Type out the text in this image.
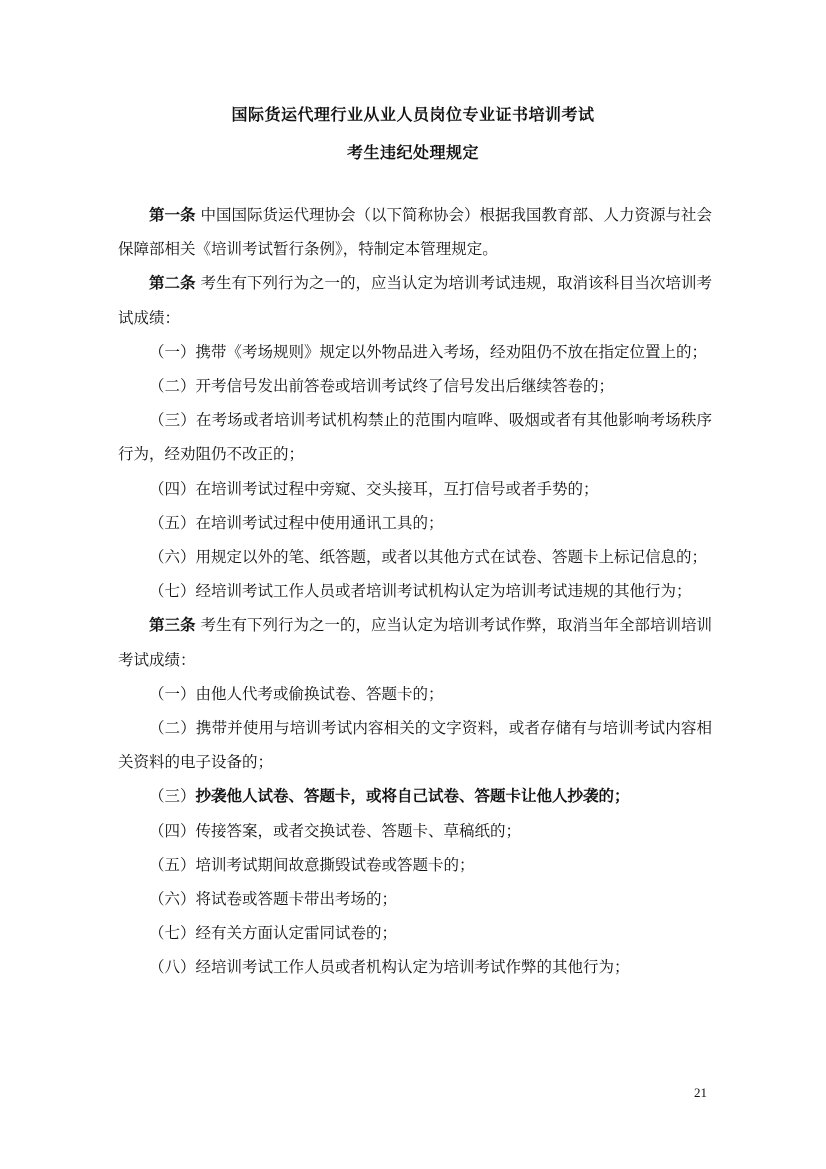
国际货运代理行业从业人员岗位专业证书培训考试
考生违纪处理规定

第一条 中国国际货运代理协会（以下简称协会）根据我国教育部、人力资源与社会保障部相关《培训考试暂行条例》，特制定本管理规定。

第二条 考生有下列行为之一的，应当认定为培训考试违规，取消该科目当次培训考试成绩：

（一）携带《考场规则》规定以外物品进入考场，经劝阻仍不放在指定位置上的；

（二）开考信号发出前答卷或培训考试终了信号发出后继续答卷的；

（三）在考场或者培训考试机构禁止的范围内喧哗、吸烟或者有其他影响考场秩序行为，经劝阻仍不改正的；

（四）在培训考试过程中旁窥、交头接耳，互打信号或者手势的；

（五）在培训考试过程中使用通讯工具的；

（六）用规定以外的笔、纸答题，或者以其他方式在试卷、答题卡上标记信息的；

（七）经培训考试工作人员或者培训考试机构认定为培训考试违规的其他行为；

第三条 考生有下列行为之一的，应当认定为培训考试作弊，取消当年全部培训培训考试成绩：

（一）由他人代考或偷换试卷、答题卡的；

（二）携带并使用与培训考试内容相关的文字资料，或者存储有与培训考试内容相关资料的电子设备的；

（三）抄袭他人试卷、答题卡，或将自己试卷、答题卡让他人抄袭的；

（四）传接答案，或者交换试卷、答题卡、草稿纸的；

（五）培训考试期间故意撕毁试卷或答题卡的；

（六）将试卷或答题卡带出考场的；

（七）经有关方面认定雷同试卷的；

（八）经培训考试工作人员或者机构认定为培训考试作弊的其他行为；

21
